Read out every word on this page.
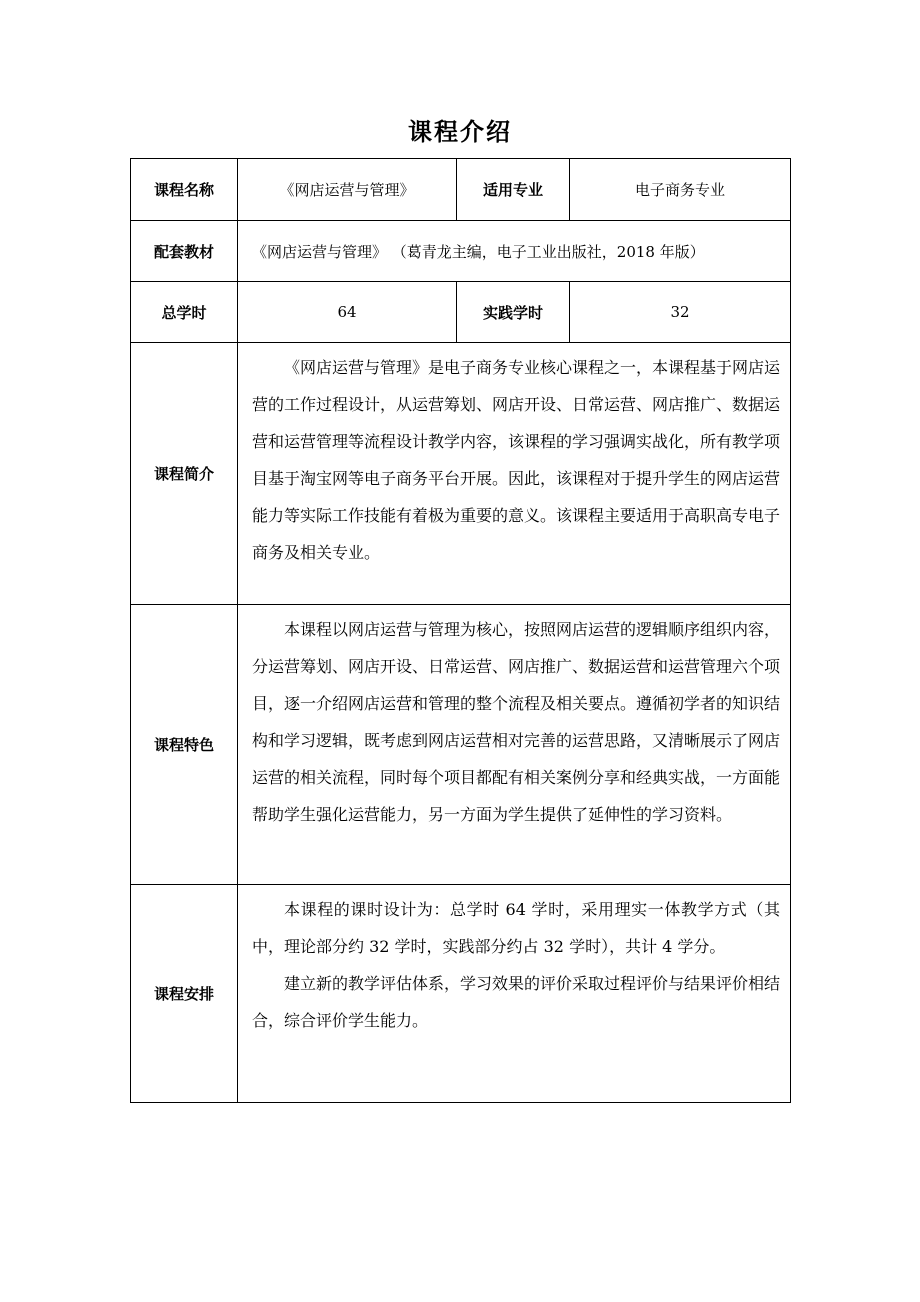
课程介绍
课程名称	《网店运营与管理》	适用专业	电子商务专业
配套教材	《网店运营与管理》 （葛青龙主编，电子工业出版社，2018 年版）		
总学时	64	实践学时	32
课程简介	《网店运营与管理》是电子商务专业核心课程之一，本课程基于网店运营的工作过程设计，从运营筹划、网店开设、日常运营、网店推广、数据运营和运营管理等流程设计教学内容，该课程的学习强调实战化，所有教学项目基于淘宝网等电子商务平台开展。因此，该课程对于提升学生的网店运营能力等实际工作技能有着极为重要的意义。该课程主要适用于高职高专电子商务及相关专业。		

课程特色	本课程以网店运营与管理为核心，按照网店运营的逻辑顺序组织内容，分运营筹划、网店开设、日常运营、网店推广、数据运营和运营管理六个项目，逐一介绍网店运营和管理的整个流程及相关要点。遵循初学者的知识结构和学习逻辑，既考虑到网店运营相对完善的运营思路，又清晰展示了网店运营的相关流程，同时每个项目都配有相关案例分享和经典实战，一方面能帮助学生强化运营能力，另一方面为学生提供了延伸性的学习资料。		

课程安排	本课程的课时设计为：总学时 64 学时，采用理实一体教学方式（其中，理论部分约 32 学时，实践部分约占 32 学时），共计 4 学分。

建立新的教学评估体系，学习效果的评价采取过程评价与结果评价相结合，综合评价学生能力。		
